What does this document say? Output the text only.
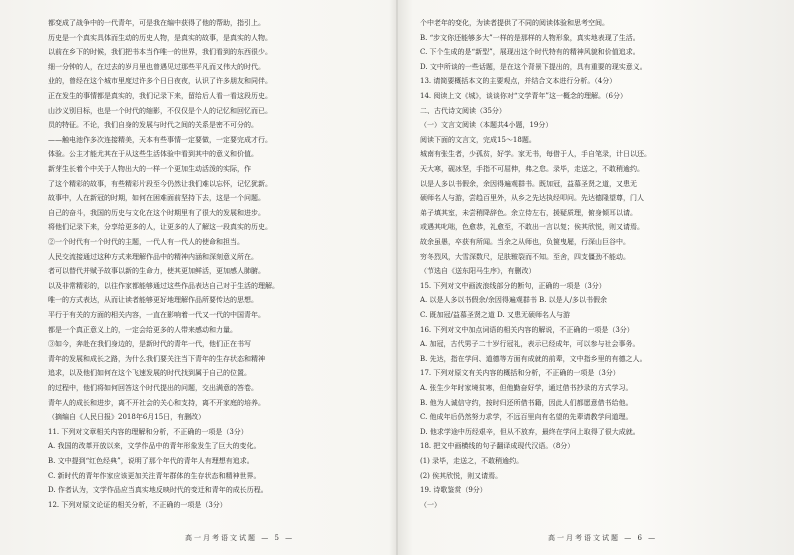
都变成了战争中的一代青年，可是我在编中获得了他的帮助，指引上。
历史是一个真实具体而生动的历史人物，是真实的故事，是真实的人物。
以前在乡下的时候，我们把书本当作唯一的世界，我们看到的东西很少。
细一分钟的人，在过去的岁月里也曾遇见过那些平凡而又伟大的时代。
业的，曾经在这个城市里度过许多个日日夜夜，认识了许多朋友和同伴。
正在发生的事情都是真实的，我们记录下来，留给后人看一看这段历史。
山沙义别目标，也是一个时代的缩影，不仅仅是个人的记忆和回忆而已。
员的特征。不论，我们自身的发展与时代之间的关系是密不可分的。
——触电池作多次连接精美，天本有些事情一定要做，一定要完成才行。
体验。公主才能尤其在于从这些生活体验中看到其中的意义和价值。
新芽生长着个中关于人物出大的一样一个更加生动活泼的实际，作
了这个精彩的故事，有些精彩片段至今仍然让我们难以忘怀，记忆犹新。
故事中，人在新冠的时期，如何在困难面前坚持下去，这是一个问题。
自己的奋斗，我国的历史与文化在这个时期里有了很大的发展和进步。
将他们记录下来，分享给更多的人，让更多的人了解这一段真实的历史。
②一个时代有一个时代的主题，一代人有一代人的使命和担当。
人民交流接通过这种方式来理解作品中的精神内涵和深刻意义所在。
者可以替代并赋予故事以新的生命力，使其更加鲜活，更加感人肺腑。
以及非常精彩的，以往作家都能够通过这些作品表达自己对于生活的理解。
唯一的方式表达，从而让读者能够更好地理解作品所要传达的思想。
平行于有关的方面的相关内容，一直在影响着一代又一代的中国青年。
都是一个真正意义上的，一定会给更多的人带来感动和力量。
③如今，奔赴在我们身边的，是新时代的青年一代，他们正在书写
青年的发展和成长之路，为什么我们要关注当下青年的生存状态和精神
追求，以及他们如何在这个飞速发展的时代找到属于自己的位置。
的过程中，他们将如何回答这个时代提出的问题，交出满意的答卷。
青年人的成长和进步，离不开社会的关心和支持，离不开家庭的培养。
（摘编自《人民日报》2018年6月15日，有删改）
11. 下列对文章相关内容的理解和分析，不正确的一项是（3分）
A. 我国的改革开放以来，文学作品中的青年形象发生了巨大的变化。
B. 文中提到“红色经典”，说明了那个年代的青年人有理想有追求。
C. 新时代的青年作家应该更加关注青年群体的生存状态和精神世界。
D. 作者认为，文学作品应当真实地反映时代的变迁和青年的成长历程。
12. 下列对原文论证的相关分析，不正确的一项是（3分）
个中老年的变化，为读者提供了不同的阅读体验和思考空间。
B. “步文你还能够多大”一样的是那样的人物形象，真实地表现了生活。
C. 下个生成的是“新型”，展现出这个时代特有的精神风貌和价值追求。
D. 文中所谈的一些话题，是在这个背景下提出的，具有重要的现实意义。
13. 请简要概括本文的主要观点，并结合文本进行分析。（4分）
14. 阅读上文《城》，谈谈你对“文学青年”这一概念的理解。（6分）
二、古代诗文阅读（35分）
（一）文言文阅读（本题共4小题，19分）
阅读下面的文言文，完成15～18题。
城南有张生者，少孤贫，好学。家无书，每借于人，手自笔录，计日以还。
天大寒，砚冰坚，手指不可屈伸，弗之怠。录毕，走送之，不敢稍逾约。
以是人多以书假余，余因得遍观群书。既加冠，益慕圣贤之道，又患无
硕师名人与游，尝趋百里外，从乡之先达执经叩问。先达德隆望尊，门人
弟子填其室，未尝稍降辞色。余立侍左右，援疑质理，俯身倾耳以请。
或遇其叱咄，色愈恭，礼愈至，不敢出一言以复；俟其欣悦，则又请焉。
故余虽愚，卒获有所闻。当余之从师也，负箧曳屣，行深山巨谷中。
穷冬烈风，大雪深数尺，足肤皲裂而不知。至舍，四支僵劲不能动。
（节选自《送东阳马生序》，有删改）
15. 下列对文中画波浪线部分的断句，正确的一项是（3分）
A. 以是人多以书假余/余因得遍观群书 B. 以是人/多以书假余
C. 既加冠/益慕圣贤之道 D. 又患无硕师名人与游
16. 下列对文中加点词语的相关内容的解说，不正确的一项是（3分）
A. 加冠，古代男子二十岁行冠礼，表示已经成年，可以参与社会事务。
B. 先达，指在学问、道德等方面有成就的前辈，文中指乡里的有德之人。
17. 下列对原文有关内容的概括和分析，不正确的一项是（3分）
A. 张生少年时家境贫寒，但他勤奋好学，通过借书抄录的方式学习。
B. 他为人诚信守约，按时归还所借书籍，因此人们都愿意借书给他。
C. 他成年后仍然努力求学，不远百里向有名望的先辈请教学问道理。
D. 他求学途中历经艰辛，但从不放弃，最终在学问上取得了很大成就。
18. 把文中画横线的句子翻译成现代汉语。（8分）
(1) 录毕，走送之，不敢稍逾约。
(2) 俟其欣悦，则又请焉。
19. 诗歌鉴赏（9分）
（一）
高一月考语文试题 — 5 —	高一月考语文试题 — 6 —
